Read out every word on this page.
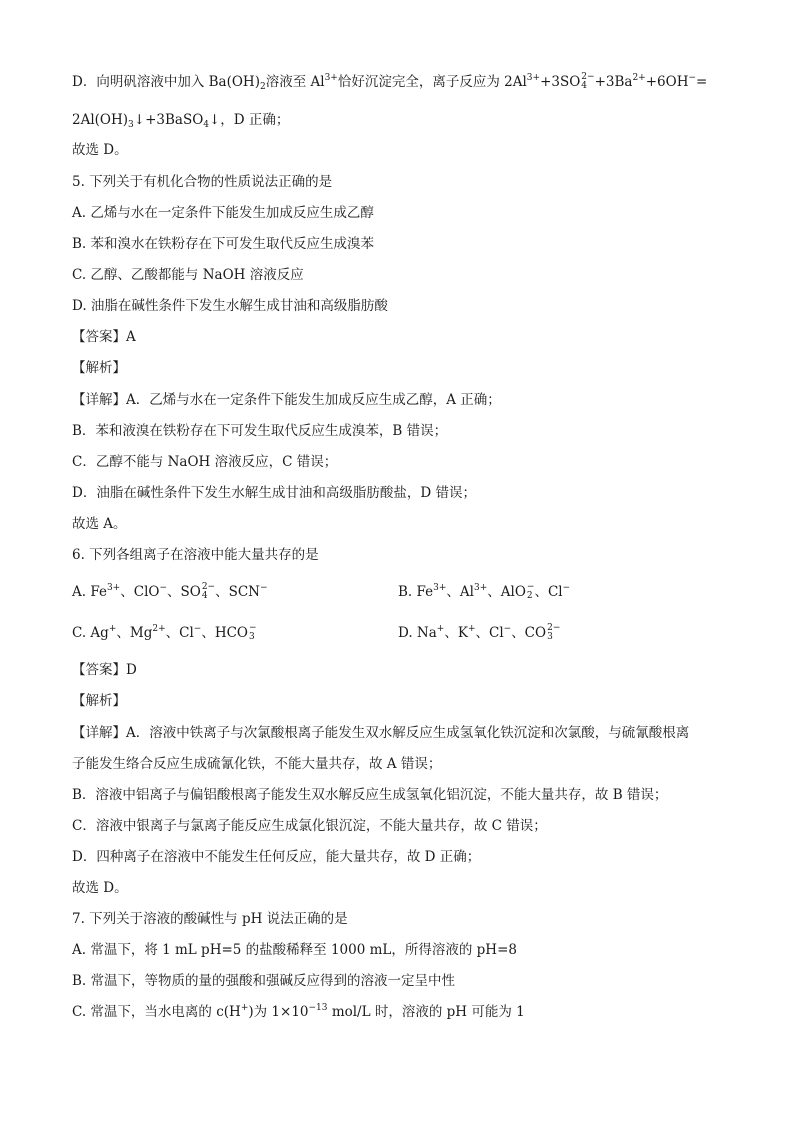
D．向明矾溶液中加入 $Ba(OH)_2$溶液至 $Al^{3+}$恰好沉淀完全，离子反应为 $2Al^{3+}+3SO$ 2−
$4 +3Ba^{2+}+6OH^-=$
$2Al(OH)_3↓+3BaSO_4↓$，D 正确；
故选 D。
5. 下列关于有机化合物的性质说法正确的是
A. 乙烯与水在一定条件下能发生加成反应生成乙醇
B. 苯和溴水在铁粉存在下可发生取代反应生成溴苯
C. 乙醇、乙酸都能与 NaOH 溶液反应
D. 油脂在碱性条件下发生水解生成甘油和高级脂肪酸
【答案】A
【解析】
【详解】A．乙烯与水在一定条件下能发生加成反应生成乙醇，A 正确；
B．苯和液溴在铁粉存在下可发生取代反应生成溴苯，B 错误；
C．乙醇不能与 NaOH 溶液反应，C 错误；
D．油脂在碱性条件下发生水解生成甘油和高级脂肪酸盐，D 错误；
故选 A。
6. 下列各组离子在溶液中能大量共存的是
A. $Fe^{3+}$、ClO−、SO 2−
4 、SCN−	B. $Fe^{3+}$、$Al^{3+}$、AlO −
2 、Cl−
C. Ag+、$Mg^{2+}$、Cl−、HCO −
3	D. Na+、K+、Cl−、CO 2−
3
【答案】D
【解析】
【详解】A．溶液中铁离子与次氯酸根离子能发生双水解反应生成氢氧化铁沉淀和次氯酸，与硫氰酸根离
子能发生络合反应生成硫氰化铁，不能大量共存，故 A 错误；
B．溶液中铝离子与偏铝酸根离子能发生双水解反应生成氢氧化铝沉淀，不能大量共存，故 B 错误；
C．溶液中银离子与氯离子能反应生成氯化银沉淀，不能大量共存，故 C 错误；
D．四种离子在溶液中不能发生任何反应，能大量共存，故 D 正确；
故选 D。
7. 下列关于溶液的酸碱性与 pH 说法正确的是
A. 常温下，将 1 mL pH=5 的盐酸稀释至 1000 mL，所得溶液的 pH=8
B. 常温下，等物质的量的强酸和强碱反应得到的溶液一定呈中性
C. 常温下，当水电离的 c(H+)为 $1\times 10^{-13}$ mol/L 时，溶液的 pH 可能为 1
